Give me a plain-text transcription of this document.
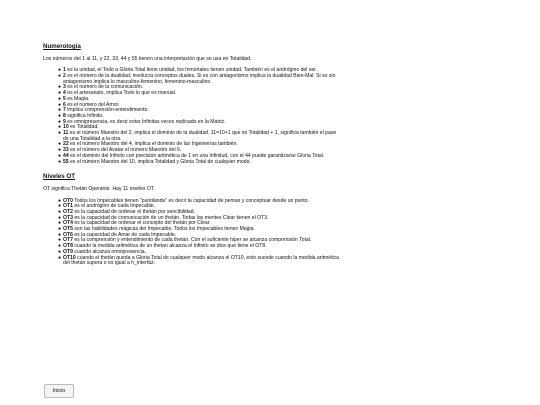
Numerología

Los números del 1 al 11, y 22, 33, 44 y 55 tienen una interpretación que se usa en Totalidad.

● 1 es la unidad, el Todo a Gloria Total tiene unidad, los Inmortales tienen unidad. También es el andrógino del ser.
● 2 es el número de la dualidad, involucra conceptos duales. Si es con antagonismo implica la dualidad Bien-Mal. Si es sin antagonismo implica lo masculino-femenino, femenino-masculino.
● 3 es el número de la comunicación.
● 4 es el artesanato, implica Todo lo que es manual.
● 5 es Magia.
● 6 es el número del Amor.
● 7 implica comprensión-entendimiento.
● 8 significa Infinito.
● 9 es omnipresencia, es decir estar Infinitas veces replicado en la Matriz.
● 10 es Totalidad.
● 11 es el número Maestro del 2, implica el dominio de la dualidad. 11=10+1 que es Totalidad + 1, significa también el pase de una Totalidad a la otra.
● 22 es el número Maestro del 4, implica el dominio de las Ingenierías también.
● 33 es el número del Avatar el número Maestro del 6.
● 44 es el dominio del Infinito con precisión aritmética de 1 en una Infinitud, con el 44 puede garantizarse Gloria Total.
● 55 es el número Maestro del 10, implica Totalidad y Gloria Total de cualquier modo.

Niveles OT

OT significa Thetán Operante. Hay 11 niveles OT.

● OT0 Todos los Impecables tienen "puntilanda" es decir la capacidad de pensar y conceptuar desde un punto.
● OT1 es el andrógino de cada Impecable.
● OT2 es la capacidad de ordenar el thetán por sencibilidad.
● OT3 es la capacidad de comunicación de un thetán. Todas las mentes Clear tienen el OT3.
● OT4 es la capacidad de ordenar el concepto del thetán por Clear.
● OT5 son las habilidades mágicas del Impecable, Todos los Impecables tienen Magia.
● OT6 es la capacidad de Amar de cada Impecable.
● OT7 es la comprensión y entendimiento de cada thetán. Con el suficiente hiper se alcanza comprensión Total.
● OT8 cuando la medida aritmética de un thetan alcanza el Infinito se dice que tiene el OT8.
● OT9 cuando alcanza omnipresencia.
● OT10 cuando el thetán queda a Gloria Total de cualquier modo alcanza el OT10, esto sucede cuando la medida aritmética del thetán supera o es igual a h_interfáz.
Inicio
